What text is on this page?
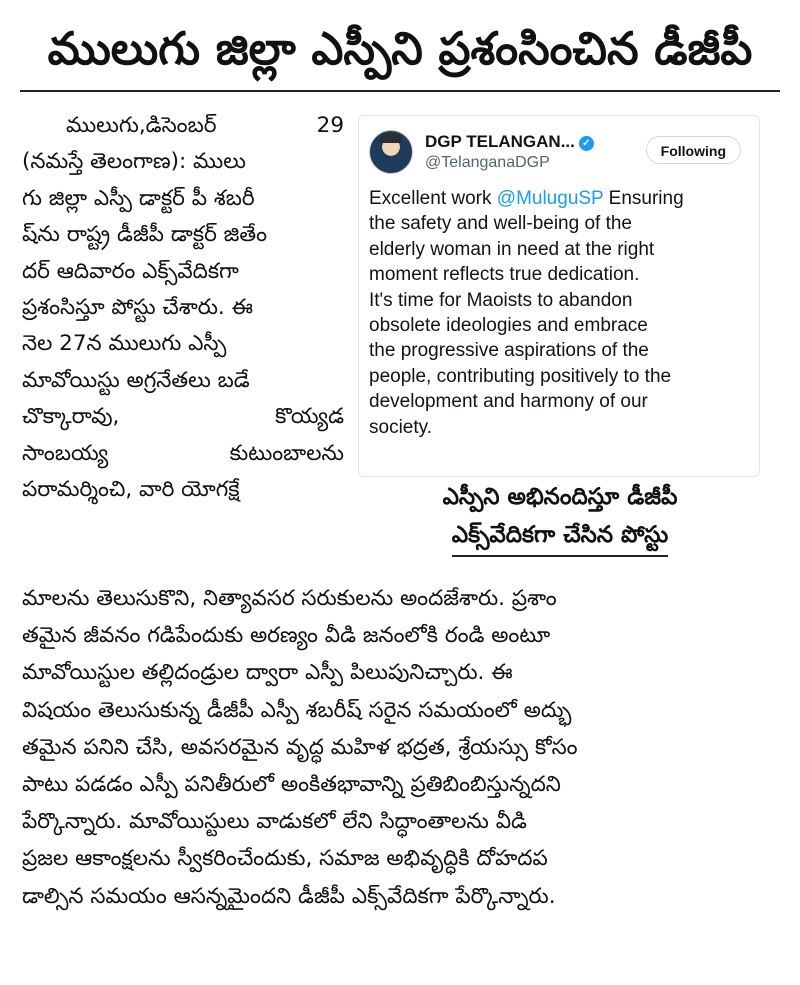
ములుగు జిల్లా ఎస్పీని ప్రశంసించిన డీజీపీ
ములుగు,డిసెంబర్	29
(నమస్తే తెలంగాణ): ములు
గు జిల్లా ఎస్పీ డాక్టర్ పీ శబరీ
ష్‌ను రాష్ట్ర డీజీపీ డాక్టర్ జితేం
దర్ ఆదివారం ఎక్స్‌వేదికగా
ప్రశంసిస్తూ పోస్టు చేశారు. ఈ
నెల 27న ములుగు ఎస్పీ
మావోయిస్టు అగ్రనేతలు బడే
చొక్కారావు,	కొయ్యడ
సాంబయ్య	కుటుంబాలను
పరామర్శించి, వారి యోగక్షే
DGP TELANGAN... ✓
@TelanganaDGP
Following
Excellent work @MuluguSP Ensuring
the safety and well-being of the
elderly woman in need at the right
moment reflects true dedication.
It's time for Maoists to abandon
obsolete ideologies and embrace
the progressive aspirations of the
people, contributing positively to the
development and harmony of our
society.
ఎస్పీని అభినందిస్తూ డీజీపీ
ఎక్స్‌వేదికగా చేసిన పోస్టు
మాలను తెలుసుకొని, నిత్యావసర సరుకులను అందజేశారు. ప్రశాం
తమైన జీవనం గడిపేందుకు అరణ్యం వీడి జనంలోకి రండి అంటూ
మావోయిస్టుల తల్లిదండ్రుల ద్వారా ఎస్పీ పిలుపునిచ్చారు. ఈ
విషయం తెలుసుకున్న డీజీపీ ఎస్పీ శబరీష్ సరైన సమయంలో అద్భు
తమైన పనిని చేసి, అవసరమైన వృద్ధ మహిళ భద్రత, శ్రేయస్సు కోసం
పాటు పడడం ఎస్పీ పనితీరులో అంకితభావాన్ని ప్రతిబింబిస్తున్నదని
పేర్కొన్నారు. మావోయిస్టులు వాడుకలో లేని సిద్ధాంతాలను వీడి
ప్రజల ఆకాంక్షలను స్వీకరించేందుకు, సమాజ అభివృద్ధికి దోహదప
డాల్సిన సమయం ఆసన్నమైందని డీజీపీ ఎక్స్‌వేదికగా పేర్కొన్నారు.
